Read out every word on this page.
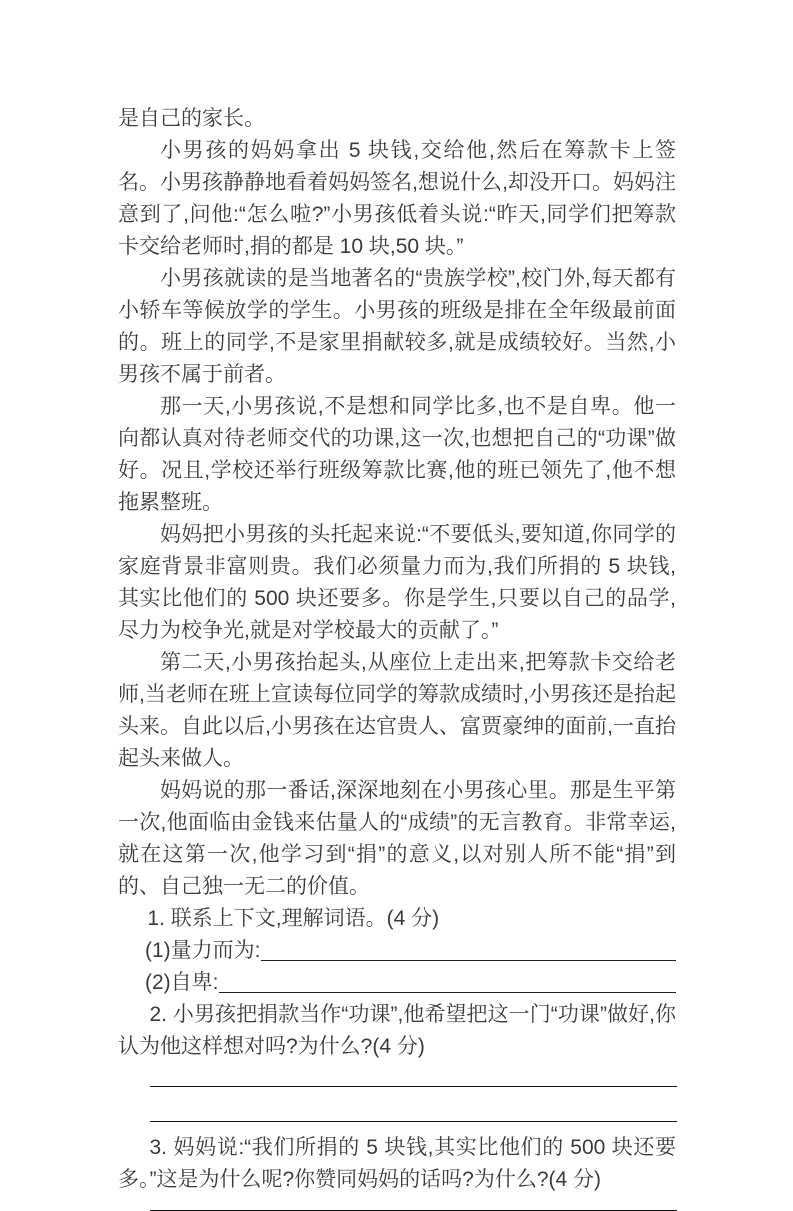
是自己的家长。

小男孩的妈妈拿出 5 块钱,交给他,然后在筹款卡上签名。小男孩静静地看着妈妈签名,想说什么,却没开口。妈妈注意到了,问他:“怎么啦?”小男孩低着头说:“昨天,同学们把筹款卡交给老师时,捐的都是 10 块,50 块。”

小男孩就读的是当地著名的“贵族学校”,校门外,每天都有小轿车等候放学的学生。小男孩的班级是排在全年级最前面的。班上的同学,不是家里捐献较多,就是成绩较好。当然,小男孩不属于前者。

那一天,小男孩说,不是想和同学比多,也不是自卑。他一向都认真对待老师交代的功课,这一次,也想把自己的“功课”做好。况且,学校还举行班级筹款比赛,他的班已领先了,他不想拖累整班。

妈妈把小男孩的头托起来说:“不要低头,要知道,你同学的家庭背景非富则贵。我们必须量力而为,我们所捐的 5 块钱,其实比他们的 500 块还要多。你是学生,只要以自己的品学,尽力为校争光,就是对学校最大的贡献了。”

第二天,小男孩抬起头,从座位上走出来,把筹款卡交给老师,当老师在班上宣读每位同学的筹款成绩时,小男孩还是抬起头来。自此以后,小男孩在达官贵人、富贾豪绅的面前,一直抬起头来做人。

妈妈说的那一番话,深深地刻在小男孩心里。那是生平第一次,他面临由金钱来估量人的“成绩”的无言教育。非常幸运,就在这第一次,他学习到“捐”的意义,以对别人所不能“捐”到的、自己独一无二的价值。

1. 联系上下文,理解词语。(4 分)

(1)量力而为:
(2)自卑:

2. 小男孩把捐款当作“功课”,他希望把这一门“功课”做好,你认为他这样想对吗?为什么?(4 分)

3. 妈妈说:“我们所捐的 5 块钱,其实比他们的 500 块还要多。”这是为什么呢?你赞同妈妈的话吗?为什么?(4 分)
